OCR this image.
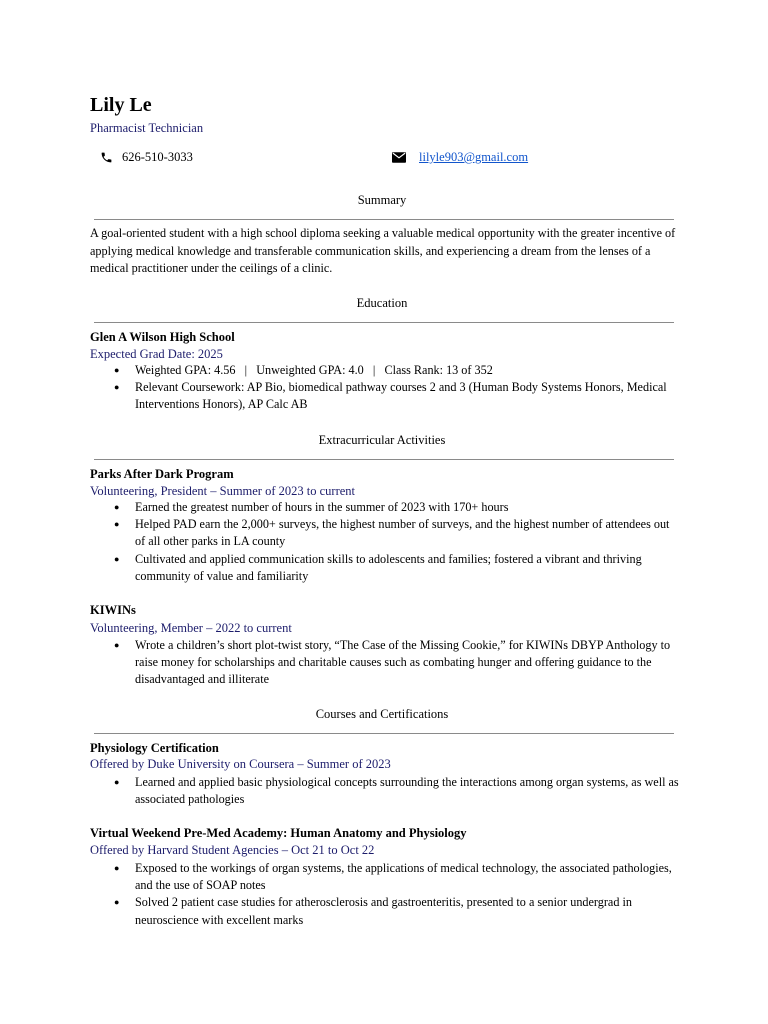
Lily Le
Pharmacist Technician
626-510-3033	lilyle903@gmail.com
Summary
A goal-oriented student with a high school diploma seeking a valuable medical opportunity with the greater incentive of applying medical knowledge and transferable communication skills, and experiencing a dream from the lenses of a medical practitioner under the ceilings of a clinic.
Education
Glen A Wilson High School
Expected Grad Date: 2025
● Weighted GPA: 4.56   |   Unweighted GPA: 4.0   |   Class Rank: 13 of 352
● Relevant Coursework: AP Bio, biomedical pathway courses 2 and 3 (Human Body Systems Honors, Medical Interventions Honors), AP Calc AB
Extracurricular Activities
Parks After Dark Program
Volunteering, President – Summer of 2023 to current
● Earned the greatest number of hours in the summer of 2023 with 170+ hours
● Helped PAD earn the 2,000+ surveys, the highest number of surveys, and the highest number of attendees out of all other parks in LA county
● Cultivated and applied communication skills to adolescents and families; fostered a vibrant and thriving community of value and familiarity
KIWINs
Volunteering, Member – 2022 to current
● Wrote a children’s short plot-twist story, “The Case of the Missing Cookie,” for KIWINs DBYP Anthology to raise money for scholarships and charitable causes such as combating hunger and offering guidance to the disadvantaged and illiterate
Courses and Certifications
Physiology Certification
Offered by Duke University on Coursera – Summer of 2023
● Learned and applied basic physiological concepts surrounding the interactions among organ systems, as well as associated pathologies
Virtual Weekend Pre-Med Academy: Human Anatomy and Physiology
Offered by Harvard Student Agencies – Oct 21 to Oct 22
● Exposed to the workings of organ systems, the applications of medical technology, the associated pathologies, and the use of SOAP notes
● Solved 2 patient case studies for atherosclerosis and gastroenteritis, presented to a senior undergrad in neuroscience with excellent marks
